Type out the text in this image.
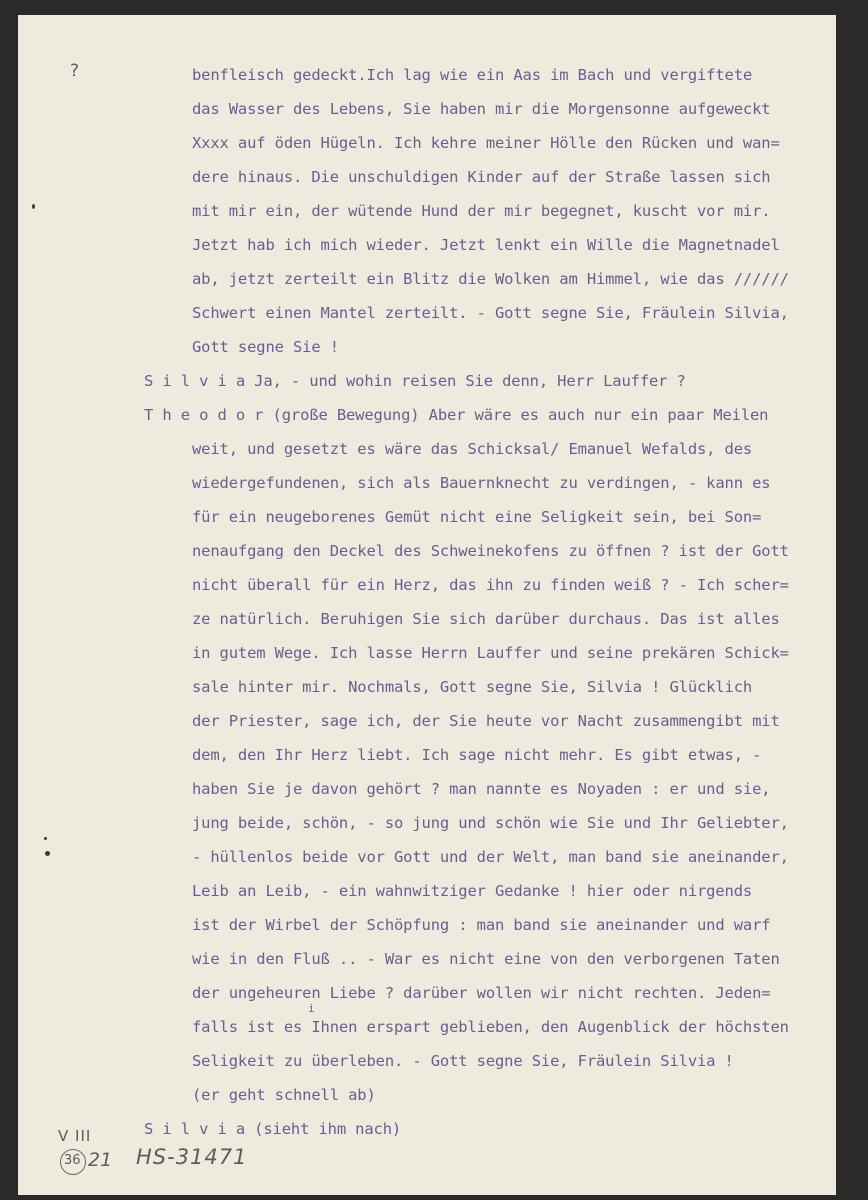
?	benfleisch gedeckt.Ich lag wie ein Aas im Bach und vergiftete
das Wasser des Lebens, Sie haben mir die Morgensonne aufgeweckt
Xxxx auf öden Hügeln. Ich kehre meiner Hölle den Rücken und wan=
dere hinaus. Die unschuldigen Kinder auf der Straße lassen sich
mit mir ein, der wütende Hund der mir begegnet, kuscht vor mir.
Jetzt hab ich mich wieder. Jetzt lenkt ein Wille die Magnetnadel
ab, jetzt zerteilt ein Blitz die Wolken am Himmel, wie das //////
Schwert einen Mantel zerteilt. - Gott segne Sie, Fräulein Silvia,
Gott segne Sie !
S i l v i a Ja, - und wohin reisen Sie denn, Herr Lauffer ?
T h e o d o r (große Bewegung) Aber wäre es auch nur ein paar Meilen
weit, und gesetzt es wäre das Schicksal/ Emanuel Wefalds, des
wiedergefundenen, sich als Bauernknecht zu verdingen, - kann es
für ein neugeborenes Gemüt nicht eine Seligkeit sein, bei Son=
nenaufgang den Deckel des Schweinekofens zu öffnen ? ist der Gott
nicht überall für ein Herz, das ihn zu finden weiß ? - Ich scher=
ze natürlich. Beruhigen Sie sich darüber durchaus. Das ist alles
in gutem Wege. Ich lasse Herrn Lauffer und seine prekären Schick=
sale hinter mir. Nochmals, Gott segne Sie, Silvia ! Glücklich
der Priester, sage ich, der Sie heute vor Nacht zusammengibt mit
dem, den Ihr Herz liebt. Ich sage nicht mehr. Es gibt etwas, -
haben Sie je davon gehört ? man nannte es Noyaden : er und sie,
jung beide, schön, - so jung und schön wie Sie und Ihr Geliebter,
- hüllenlos beide vor Gott und der Welt, man band sie aneinander,
Leib an Leib, - ein wahnwitziger Gedanke ! hier oder nirgends
ist der Wirbel der Schöpfung : man band sie aneinander und warf
wie in den Fluß .. - War es nicht eine von den verborgenen Taten
der ungeheuren Liebe ? darüber wollen wir nicht rechten. Jeden=
i
falls ist es Ihnen erspart geblieben, den Augenblick der höchsten
Seligkeit zu überleben. - Gott segne Sie, Fräulein Silvia !
(er geht schnell ab)
S i l v i a (sieht ihm nach)
V III
36 21 HS-31471
